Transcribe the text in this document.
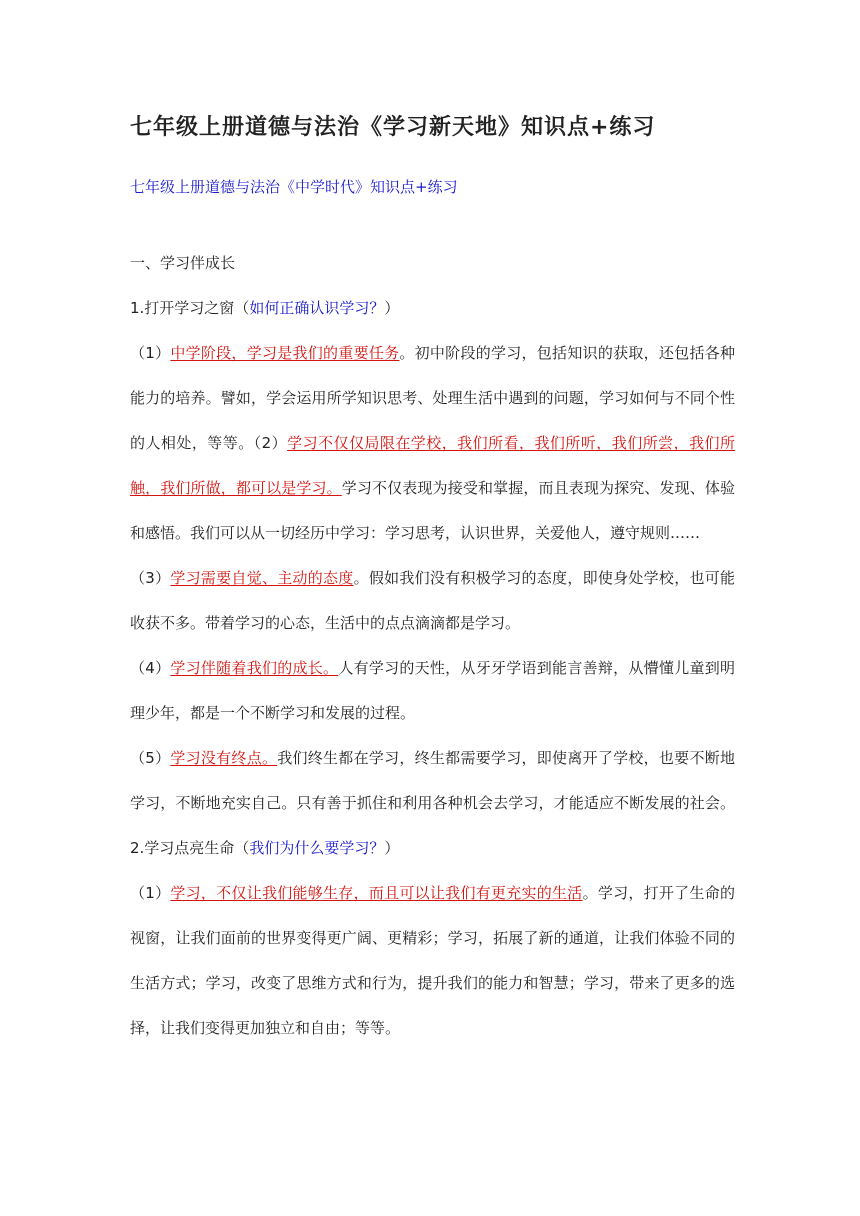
七年级上册道德与法治《学习新天地》知识点+练习
七年级上册道德与法治《中学时代》知识点+练习

一、学习伴成长

1.打开学习之窗（如何正确认识学习？）

（1）中学阶段，学习是我们的重要任务。初中阶段的学习，包括知识的获取，还包括各种能力的培养。譬如，学会运用所学知识思考、处理生活中遇到的问题，学习如何与不同个性的人相处，等等。（2）学习不仅仅局限在学校，我们所看，我们所听，我们所尝，我们所触，我们所做，都可以是学习。学习不仅表现为接受和掌握，而且表现为探究、发现、体验和感悟。我们可以从一切经历中学习：学习思考，认识世界，关爱他人，遵守规则……

（3）学习需要自觉、主动的态度。假如我们没有积极学习的态度，即使身处学校，也可能收获不多。带着学习的心态，生活中的点点滴滴都是学习。

（4）学习伴随着我们的成长。人有学习的天性，从牙牙学语到能言善辩，从懵懂儿童到明理少年，都是一个不断学习和发展的过程。

（5）学习没有终点。我们终生都在学习，终生都需要学习，即使离开了学校，也要不断地学习，不断地充实自己。只有善于抓住和利用各种机会去学习，才能适应不断发展的社会。2.学习点亮生命（我们为什么要学习？）

（1）学习，不仅让我们能够生存，而且可以让我们有更充实的生活。学习，打开了生命的视窗，让我们面前的世界变得更广阔、更精彩；学习，拓展了新的通道，让我们体验不同的生活方式；学习，改变了思维方式和行为，提升我们的能力和智慧；学习，带来了更多的选择，让我们变得更加独立和自由；等等。
